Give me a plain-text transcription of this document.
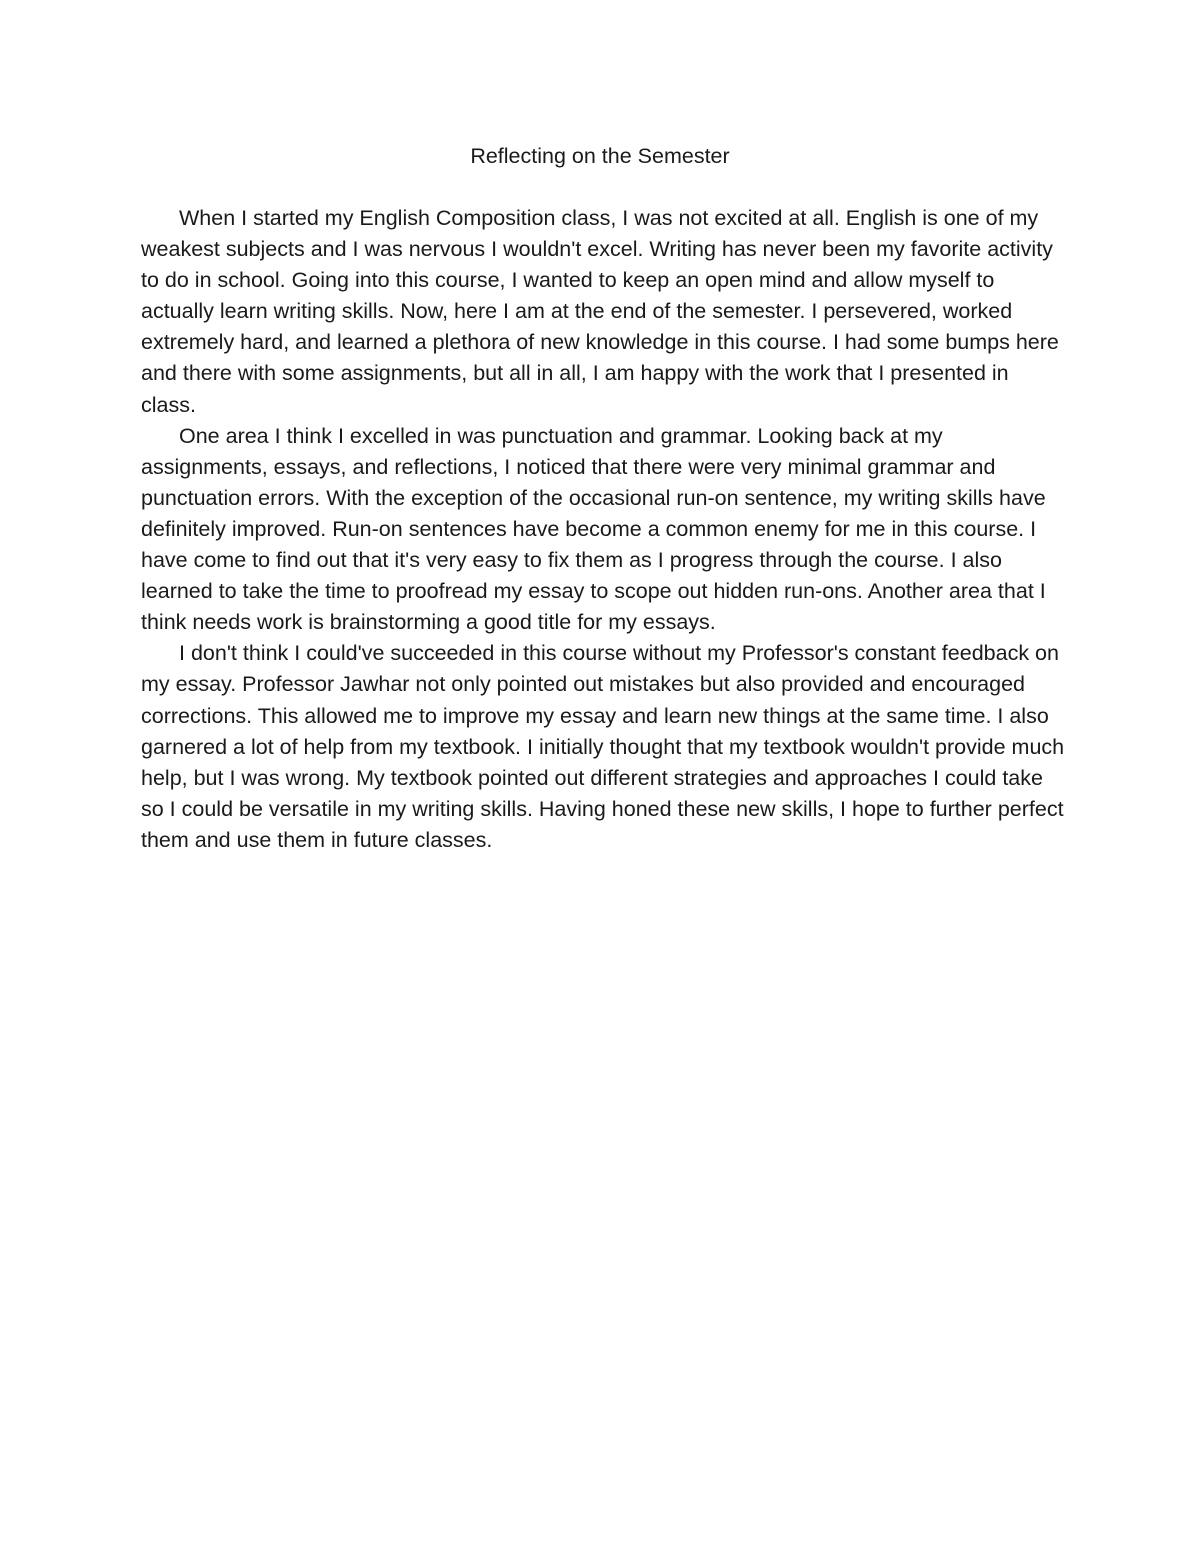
Reflecting on the Semester

When I started my English Composition class, I was not excited at all. English is one of my weakest subjects and I was nervous I wouldn't excel. Writing has never been my favorite activity to do in school. Going into this course, I wanted to keep an open mind and allow myself to actually learn writing skills. Now, here I am at the end of the semester. I persevered, worked extremely hard, and learned a plethora of new knowledge in this course. I had some bumps here and there with some assignments, but all in all, I am happy with the work that I presented in class.

One area I think I excelled in was punctuation and grammar. Looking back at my assignments, essays, and reflections, I noticed that there were very minimal grammar and punctuation errors. With the exception of the occasional run-on sentence, my writing skills have definitely improved. Run-on sentences have become a common enemy for me in this course. I have come to find out that it's very easy to fix them as I progress through the course. I also learned to take the time to proofread my essay to scope out hidden run-ons. Another area that I think needs work is brainstorming a good title for my essays.

I don't think I could've succeeded in this course without my Professor's constant feedback on my essay. Professor Jawhar not only pointed out mistakes but also provided and encouraged corrections. This allowed me to improve my essay and learn new things at the same time. I also garnered a lot of help from my textbook. I initially thought that my textbook wouldn't provide much help, but I was wrong. My textbook pointed out different strategies and approaches I could take so I could be versatile in my writing skills. Having honed these new skills, I hope to further perfect them and use them in future classes.
